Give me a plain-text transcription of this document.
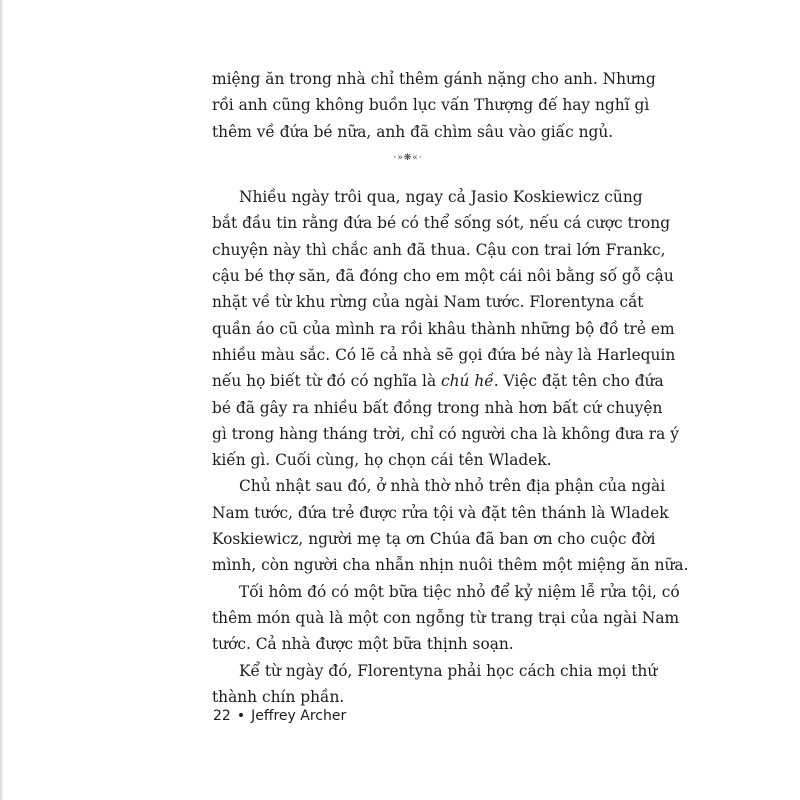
miệng ăn trong nhà chỉ thêm gánh nặng cho anh. Nhưng
rồi anh cũng không buồn lục vấn Thượng đế hay nghĩ gì
thêm về đứa bé nữa, anh đã chìm sâu vào giấc ngủ.
·»❋«·
Nhiều ngày trôi qua, ngay cả Jasio Koskiewicz cũng
bắt đầu tin rằng đứa bé có thể sống sót, nếu cá cược trong
chuyện này thì chắc anh đã thua. Cậu con trai lớn Frankc,
cậu bé thợ săn, đã đóng cho em một cái nôi bằng số gỗ cậu
nhặt về từ khu rừng của ngài Nam tước. Florentyna cắt
quần áo cũ của mình ra rồi khâu thành những bộ đồ trẻ em
nhiều màu sắc. Có lẽ cả nhà sẽ gọi đứa bé này là Harlequin
nếu họ biết từ đó có nghĩa là chú hề. Việc đặt tên cho đứa
bé đã gây ra nhiều bất đồng trong nhà hơn bất cứ chuyện
gì trong hàng tháng trời, chỉ có người cha là không đưa ra ý
kiến gì. Cuối cùng, họ chọn cái tên Wladek.
Chủ nhật sau đó, ở nhà thờ nhỏ trên địa phận của ngài
Nam tước, đứa trẻ được rửa tội và đặt tên thánh là Wladek
Koskiewicz, người mẹ tạ ơn Chúa đã ban ơn cho cuộc đời
mình, còn người cha nhẫn nhịn nuôi thêm một miệng ăn nữa.
Tối hôm đó có một bữa tiệc nhỏ để kỷ niệm lễ rửa tội, có
thêm món quà là một con ngỗng từ trang trại của ngài Nam
tước. Cả nhà được một bữa thịnh soạn.
Kể từ ngày đó, Florentyna phải học cách chia mọi thứ
thành chín phần.
22 • Jeffrey Archer
